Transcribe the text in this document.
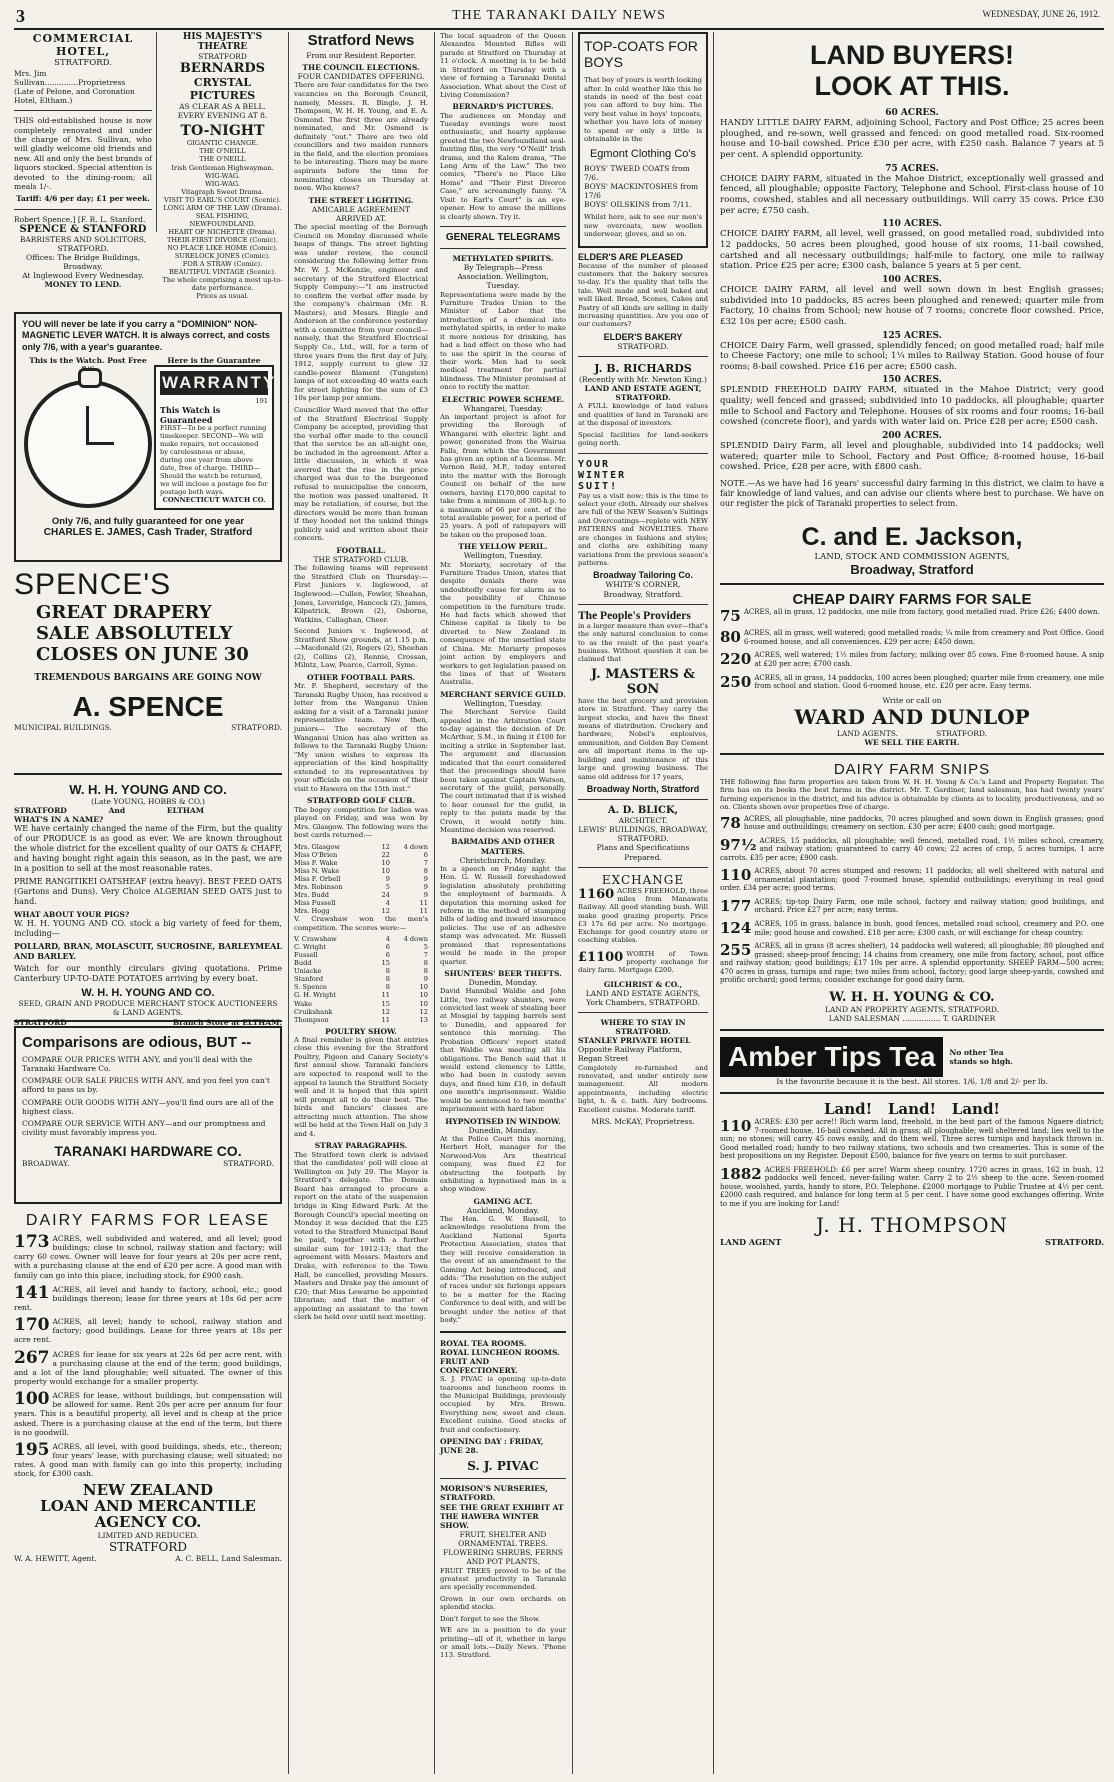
3	THE TARANAKI DAILY NEWS	WEDNESDAY, JUNE 26, 1912.
COMMERCIAL HOTEL,
STRATFORD.
Mrs. Jim Sullivan..............Proprietress
(Late of Pelone, and Coronation Hotel, Eltham.)

THIS old-established house is now completely renovated and under the charge of Mrs. Sullivan, who will gladly welcome old friends and new. All and only the best brands of liquors stocked. Special attention is devoted to the dining-room; all meals 1/-.

Tariff: 4/6 per day; £1 per week.
Robert Spence,] [F. R. L. Stanford.
SPENCE & STANFORD
BARRISTERS AND SOLICITORS, STRATFORD.
Offices: The Bridge Buildings, Broadway.
At Inglewood Every Wednesday.
MONEY TO LEND.
HIS MAJESTY'S THEATRE
STRATFORD
BERNARDS
CRYSTAL PICTURES
AS CLEAR AS A BELL.
EVERY EVENING AT 8.
TO-NIGHT
GIGANTIC CHANGE.
THE O'NEILL
THE O'NEILL
Irish Gentleman Highwayman.
WIG-WAG.
WIG-WAG.
Vitagraph Sweet Drama.
VISIT TO EARL'S COURT (Scenic).
LONG ARM OF THE LAW (Drama).
SEAL FISHING, NEWFOUNDLAND.
HEART OF NICHETTE (Drama).
THEIR FIRST DIVORCE (Comic).
NO PLACE LIKE HOME (Comic).
SURELOCK JONES (Comic).
FOR A STRAW (Comic).
BEAUTIFUL VINTAGE (Scenic).
The whole comprising a most up-to-date performance.
Prices as usual.
YOU will never be late if you carry a "DOMINION" NON-MAGNETIC LEVER WATCH. It is always correct, and costs only 7/6, with a year's guarantee.
This is the Watch. Post Free	Here is the Guarantee
WARRANTY
191
This Watch is Guaranteed
FIRST—To be a perfect running timekeeper. SECOND—We will make repairs, not occasioned by carelessness or abuse, during one year from above date, free of charge. THIRD—Should the watch be returned, we will inclose a postage fee for postage both ways.
CONNECTICUT WATCH CO.
Only 7/6, and fully guaranteed for one year
CHARLES E. JAMES, Cash Trader, Stratford
SPENCE'S
GREAT DRAPERY
SALE ABSOLUTELY
CLOSES ON JUNE 30
TREMENDOUS BARGAINS ARE GOING NOW
A. SPENCE
MUNICIPAL BUILDINGS.	STRATFORD.
W. H. H. YOUNG AND CO.
(Late YOUNG, HOBBS & CO.)
STRATFORD                And                ELTHAM
WHAT'S IN A NAME?

WE have certainly changed the name of the Firm, but the quality of our PRODUCE is as good as ever. We are known throughout the whole district for the excellent quality of our OATS & CHAFF, and having bought right again this season, as in the past, we are in a position to sell at the most reasonable rates.

PRIME RANGITIKEI OATSHEAF (extra heavy). BEST FEED OATS (Gartons and Duns). Very Choice ALGERIAN SEED OATS just to hand.

WHAT ABOUT YOUR PIGS?

W. H. H. YOUNG AND CO. stock a big variety of feed for them, including—

POLLARD, BRAN, MOLASCUIT, SUCROSINE, BARLEYMEAL AND BARLEY.

Watch for our monthly circulars giving quotations. Prime Canterbury UP-TO-DATE POTATOES arriving by every boat.

W. H. H. YOUNG AND CO.
SEED, GRAIN AND PRODUCE MERCHANT STOCK AUCTIONEERS & LAND AGENTS.
STRATFORD	Branch Store at ELTHAM.
Comparisons are odious, BUT --
COMPARE OUR PRICES WITH ANY, and you'll deal with the Taranaki Hardware Co.
COMPARE OUR SALE PRICES WITH ANY, and you feel you can't afford to pass us by.
COMPARE OUR GOODS WITH ANY—you'll find ours are all of the highest class.
COMPARE OUR SERVICE WITH ANY—and our promptness and civility must favorably impress you.
TARANAKI HARDWARE CO.
BROADWAY.	STRATFORD.
DAIRY FARMS FOR LEASE
173 ACRES, well subdivided and watered, and all level; good buildings; close to school, railway station and factory; will carry 60 cows. Owner will leave for four years at 20s per acre rent, with a purchasing clause at the end of £20 per acre. A good man with family can go into this place, including stock, for £900 cash.
141 ACRES, all level and handy to factory, school, etc.; good buildings thereon; lease for three years at 18s 6d per acre rent.
170 ACRES, all level; handy to school, railway station and factory; good buildings. Lease for three years at 18s per acre rent.
267 ACRES for lease for six years at 22s 6d per acre rent, with a purchasing clause at the end of the term; good buildings, and a lot of the land ploughable; well situated. The owner of this property would exchange for a smaller property.
100 ACRES for lease, without buildings, but compensation will be allowed for same. Rent 20s per acre per annum for four years. This is a beautiful property, all level and is cheap at the price asked. There is a purchasing clause at the end of the term, but there is no goodwill.
195 ACRES, all level, with good buildings, sheds, etc., thereon; four years' lease, with purchasing clause; well situated; no rates. A good man with family can go into this property, including stock, for £300 cash.
NEW ZEALAND
LOAN AND MERCANTILE
AGENCY CO.
LIMITED AND REDUCED.
STRATFORD
W. A. HEWITT, Agent.	A. C. BELL, Land Salesman.
Stratford News
From our Resident Reporter.
THE COUNCIL ELECTIONS.
FOUR CANDIDATES OFFERING.

There are four candidates for the two vacancies on the Borough Council, namely, Messrs. R. Bingle, J. H. Thompson, W. H. H. Young, and E. A. Osmond. The first three are already nominated, and Mr. Osmond is definitely "out." There are two old councillors and two maiden runners in the field, and the election promises to be interesting. There may be more aspirants before the time for nominating closes on Thursday at noon. Who knows?

THE STREET LIGHTING.
AMICABLE AGREEMENT ARRIVED AT.

The special meeting of the Borough Council on Monday discussed whole heaps of things. The street lighting was under review, the council considering the following letter from Mr. W. J. McKenzie, engineer and secretary of the Stratford Electrical Supply Company:—"I am instructed to confirm the verbal offer made by the company's chairman (Mr. R. Masters), and Messrs. Bingle and Anderson at the conference yesterday with a committee from your council—namely, that the Stratford Electrical Supply Co., Ltd., will, for a term of three years from the first day of July, 1912, supply current to glow 32 candle-power filament (Tungsten) lamps of not exceeding 40 watts each for street lighting for the sum of £3 10s per lamp per annum.

Councillor Ward moved that the offer of the Stratford Electrical Supply Company be accepted, providing that the verbal offer made to the council that the service be an all-night one, be included in the agreement. After a little discussion, in which it was averred that the rise in the price charged was due to the burgeoned refusal to municipalise the concern, the motion was passed unaltered. It may be retaliation, of course, but the directors would be more than human if they hooded not the unkind things publicly said and written about their concern.

FOOTBALL.
THE STRATFORD CLUB.

The following teams will represent the Stratford Club on Thursday:— First Juniors v. Inglewood, at Inglewood:—Cullen, Fowler, Sheahan, Jones, Loveridge, Hancock (2), James, Kilpatrick, Brown (2), Osborne, Watkins, Callaghan, Cheer.

Second Juniors v. Inglewood, at Stratford Show grounds, at 1.15 p.m.—Macdonald (2), Rogers (2), Sheehan (2), Collins (2), Rennie, Crossan, Milntz, Law, Pearce, Carroll, Syme.

OTHER FOOTBALL PARS.

Mr. F. Shepherd, secretary of the Taranaki Rugby Union, has received a letter from the Wanganui Union asking for a visit of a Taranaki junior representative team. Now then, juniors— The secretary of the Wanganui Union has also written as follows to the Taranaki Rugby Union: "My union wishes to express its appreciation of the kind hospitality extended to its representatives by your officials on the occasion of their visit to Hawera on the 15th inst."

STRATFORD GOLF CLUB.

The bogey competition for ladies was played on Friday, and was won by Mrs. Glasgow. The following were the best cards returned:—

Mrs. Glasgow	12	4 down
Miss O'Brien	22	6
Miss F. Wake	10	7
Miss N. Wake	10	8
Miss F. Orbell	9	9
Mrs. Robinson	5	9
Mrs. Budd	24	9
Miss Fussell	4	11
Mrs. Hogg	12	11

V. Crawshaw won the men's competition. The scores were:—

V. Crawshaw	4	4 down
C. Wright	6	5
Fussell	6	7
Budd	15	8
Uniacke	8	8
Stanford	8	9
S. Spence	8	10
G. H. Wright	11	10
Wake	15	10
Cruikshank	12	12
Thompson	11	13
POULTRY SHOW.

A final reminder is given that entries close this evening for the Stratford Poultry, Pigeon and Canary Society's first annual show. Taranaki fanciers are expected to respond well to the appeal to launch the Stratford Society well and it is hoped that this spirit will prompt all to do their best. The birds and fanciers' classes are attracting much attention. The show will be held at the Town Hall on July 3 and 4.

STRAY PARAGRAPHS.

The Stratford town clerk is advised that the candidates' poll will close at Wellington on July 29. The Mayor is Stratford's delegate. The Domain Board has arranged to procure a report on the state of the suspension bridge in King Edward Park. At the Borough Council's special meeting on Monday it was decided that the £25 voted to the Stratford Municipal Band be paid, together with a further similar sum for 1912-13; that the agreement with Messrs. Masters and Drake, with reference to the Town Hall, be cancelled, providing Messrs. Masters and Drake pay the amount of £20; that Miss Lewarne be appointed librarian; and that the matter of appointing an assistant to the town clerk be held over until next meeting.

The local squadron of the Queen Alexandra Mounted Rifles will parade at Stratford on Thursday at 11 o'clock. A meeting is to be held in Stratford on Thursday with a view of forming a Taranaki Dental Association. What about the Cost of Living Commission?

BERNARD'S PICTURES.

The audiences on Monday and Tuesday evenings were most enthusiastic, and hearty applause greeted the two Newfoundland seal-hunting film, the very "O'Neill" Irish drama, and the Kalem drama, "The Long Arm of the Law." The two comics, "There's no Place Like Home" and "Their First Divorce Case," are screamingly funny. "A Visit to Earl's Court" is an eye-opener. How to amuse the millions is clearly shown. Try it.

GENERAL TELEGRAMS
METHYLATED SPIRITS.
By Telegraph—Press Association. Wellington, Tuesday.

Representations were made by the Furniture Trades Union to the Minister of Labor that the introduction of a chemical into methylated spirits, in order to make it more noxious for drinking, has had a bad effect on those who had to use the spirit in the course of their work. Men had to seek medical treatment for partial blindness. The Minister promised at once to rectify the matter.

ELECTRIC POWER SCHEME.
Whangarei, Tuesday.

An important project is afoot for providing the Borough of Whangarei with electric light and power, generated from the Wairua Falls, from which the Government has given an option of a license. Mr. Vernon Reid, M.P., today entered into the matter with the Borough Council on behalf of the new owners, having £170,000 capital to take from a minimum of 300-h.p. to a maximum of 66 per cent. of the total available power, for a period of 25 years. A poll of ratepayers will be taken on the proposed loan.

THE YELLOW PERIL.
Wellington, Tuesday.

Mr. Moriarty, secretary of the Furniture Trades Union, states that despite denials there was undoubtedly cause for alarm as to the possibility of Chinese competition in the furniture trade. He had facts which showed that Chinese capital is likely to be diverted to New Zealand in consequence of the unsettled state of China. Mr. Moriarty proposes joint action by employers and workers to get legislation passed on the lines of that of Western Australia.

MERCHANT SERVICE GUILD.
Wellington, Tuesday.

The Merchant Service Guild appealed in the Arbitration Court to-day against the decision of Dr. McArthur, S.M., in fining it £100 for inciting a strike in September last. The argument and discussion indicated that the court considered that the proceedings should have been taken against Captain Watson, secretary of the guild, personally. The court intimated that if is wished to hear counsel for the guild, in reply to the points made by the Crown, it would notify him. Meantime decision was reserved.

BARMAIDS AND OTHER MATTERS.
Christchurch, Monday.

In a speech on Friday night the Hon. G. W. Russell foreshadowed legislation absolutely prohibiting the employment of barmaids. A deputation this morning asked for reform in the method of stamping bills of lading and inward insurance policies. The use of an adhesive stamp was advocated. Mr. Russell promised that representations would be made in the proper quarter.

SHUNTERS' BEER THEFTS.
Dunedin, Monday.

David Hannibal Waldie and John Little, two railway shunters, were convicted last week of stealing beer at Mosgiel by tapping barrels sent to Dunedin, and appeared for sentence this morning. The Probation Officers' report stated that Waldie was meeting all his obligations. The Bench said that it would extend clemency to Little, who had been in custody seven days, and fined him £10, in default one month's imprisonment. Waldie would be sentenced to two months' imprisonment with hard labor.

HYPNOTISED IN WINDOW.
Dunedin, Monday.

At the Police Court this morning, Herbert Holt, manager for the Norwood-Von Arx theatrical company, was fined £2 for obstructing the footpath by exhibiting a hypnotised man in a shop window.

GAMING ACT.
Auckland, Monday.

The Hon. G. W. Russell, to acknowledge resolutions from the Auckland National Sports Protection Association, states that they will receive consideration in the event of an amendment to the Gaming Act being introduced, and adds: "The resolution on the subject of races under six furlongs appears to be a matter for the Racing Conference to deal with, and will be brought under the notice of that body."

ROYAL TEA ROOMS.
ROYAL LUNCHEON ROOMS.
FRUIT AND CONFECTIONERY.

S. J. PIVAC is opening up-to-date tearooms and luncheon rooms in the Municipal Buildings, previously occupied by Mrs. Brown. Everything new, sweet and clean. Excellent cuisine. Good stocks of fruit and confectionery.

OPENING DAY : FRIDAY, JUNE 28.
S. J. PIVAC
MORISON'S NURSERIES, STRATFORD.
SEE THE GREAT EXHIBIT AT THE HAWERA WINTER SHOW.
FRUIT, SHELTER AND ORNAMENTAL TREES.
FLOWERING SHRUBS, FERNS AND POT PLANTS.

FRUIT TREES proved to be of the greatest productivity in Taranaki are specially recommended.

Grown in our own orchards on splendid stocks.

Don't forget to see the Show.

WE are in a position to do your printing—all of it, whether in large or small lots.—Daily News. 'Phone 113. Stratford.

TOP-COATS FOR BOYS

That boy of yours is worth looking after. In cold weather like this he stands in need of the best coat you can afford to buy him. The very best value in boys' topcoats, whether you have lots of money to spend or only a little is obtainable in the

Egmont Clothing Co's
BOYS' TWEED COATS from 7/6.
BOYS' MACKINTOSHES from 17/6
BOYS' OILSKINS from 7/11.

Whilst here, ask to see our men's new overcoats, new woollen underwear, gloves, and so on.

ELDER'S ARE PLEASED

Because of the number of pleased customers that the bakery secures to-day. It's the quality that tells the tale. Well made and well baked and well liked. Bread, Scones, Cakes and Pastry of all kinds are selling in daily increasing quantities. Are you one of our customers?

ELDER'S BAKERY
STRATFORD.
J. B. RICHARDS
(Recently with Mr. Newton King.)
LAND AND ESTATE AGENT, STRATFORD.

A FULL knowledge of land values and qualities of land in Taranaki are at the disposal of investors.

Special facilities for land-seekers going north.

YOUR
WINTER
SUIT!

Pay us a visit now; this is the time to select your cloth. Already our shelves are full of the NEW Season's Suitings and Overcoatings—replete with NEW PATTERNS and NOVELTIES. There are changes in fashions and styles; and cloths are exhibiting many variations from the previous season's patterns.

Broadway Tailoring Co.
WHITE'S CORNER,
Broadway, Stratford.
The People's Providers

in a larger measure than ever—that's the only natural conclusion to come to as the result of the past year's business. Without question it can be claimed that

J. MASTERS & SON

have the best grocery and provision store in Stratford. They carry the largest stocks, and have the finest means of distribution. Crockery and hardware, Nobel's explosives, ammunition, and Golden Bay Cement are all important items in the up-building and maintenance of this large and growing business. The same old address for 17 years,

Broadway North, Stratford
A. D. BLICK,
ARCHITECT.
LEWIS' BUILDINGS, BROADWAY, STRATFORD.
Plans and Specifications Prepared.
EXCHANGE
1160 ACRES FREEHOLD, three miles from Manawatu Railway. All good standing bush. Will make good grazing property. Price £3 17s 6d per acre. No mortgage. Exchange for good country store or coaching stables.
£1100 WORTH of Town property exchange for dairy farm. Mortgage £200.
GILCHRIST & CO.,
LAND AND ESTATE AGENTS, York Chambers, STRATFORD.
WHERE TO STAY IN STRATFORD.
STANLEY PRIVATE HOTEL
Opposite Railway Platform, Regan Street

Completely re-furnished and renovated, and under entirely new management. All modern appointments, including electric light, h. & c. bath. Airy bedrooms. Excellent cuisine. Moderate tariff.

MRS. McKAY, Proprietress.
LAND BUYERS!
LOOK AT THIS.
60 ACRES.

HANDY LITTLE DAIRY FARM, adjoining School, Factory and Post Office; 25 acres been ploughed, and re-sown, well grassed and fenced: on good metalled road. Six-roomed house and 10-bail cowshed. Price £30 per acre, with £250 cash. Balance 7 years at 5 per cent. A splendid opportunity.

75 ACRES.

CHOICE DAIRY FARM, situated in the Mahoe District, exceptionally well grassed and fenced, all ploughable; opposite Factory, Telephone and School. First-class house of 10 rooms, cowshed, stables and all necessary outbuildings. Will carry 35 cows. Price £30 per acre; £750 cash.

110 ACRES.

CHOICE DAIRY FARM, all level, well grassed, on good metalled road, subdivided into 12 paddocks, 50 acres been ploughed, good house of six rooms, 11-bail cowshed, cartshed and all necessary outbuildings; half-mile to factory, one mile to railway station. Price £25 per acre; £300 cash, balance 5 years at 5 per cent.

100 ACRES.

CHOICE DAIRY FARM, all level and well sown down in best English grasses; subdivided into 10 paddocks, 85 acres been ploughed and renewed; quarter mile from Factory, 10 chains from School; new house of 7 rooms; concrete floor cowshed. Price, £32 10s per acre; £500 cash.

125 ACRES.

CHOICE Dairy Farm, well grassed, splendidly fenced; on good metalled road; half mile to Cheese Factory; one mile to school; 1¼ miles to Railway Station. Good house of four rooms; 8-bail cowshed. Price £16 per acre; £500 cash.

150 ACRES.

SPLENDID FREEHOLD DAIRY FARM, situated in the Mahoe District; very good quality; well fenced and grassed; subdivided into 10 paddocks, all ploughable; quarter mile to School and Factory and Telephone. Houses of six rooms and four rooms; 16-bail cowshed (concrete floor), and yards with water laid on. Price £28 per acre; £500 cash.

200 ACRES.

SPLENDID Dairy Farm, all level and ploughable, subdivided into 14 paddocks; well watered; quarter mile to School, Factory and Post Office; 8-roomed house, 16-bail cowshed. Price, £28 per acre, with £800 cash.

NOTE.—As we have had 16 years' successful dairy farming in this district, we claim to have a fair knowledge of land values, and can advise our clients where best to purchase. We have on our register the pick of Taranaki properties to select from.

C. and E. Jackson,
LAND, STOCK AND COMMISSION AGENTS,
Broadway, Stratford
CHEAP DAIRY FARMS FOR SALE
75 ACRES, all in grass, 12 paddocks, one mile from factory, good metalled road. Price £26; £400 down.
80 ACRES, all in grass, well watered; good metalled roads; ¼ mile from creamery and Post Office. Good 6-roomed house, and all conveniences. £29 per acre; £450 down.
220 ACRES, well watered; 1½ miles from factory; milking over 85 cows. Fine 8-roomed house. A snip at £20 per acre; £700 cash.
250 ACRES, all in grass, 14 paddocks, 100 acres been ploughed; quarter mile from creamery, one mile from school and station. Good 6-roomed house, etc. £20 per acre. Easy terms.
Write or call on
WARD AND DUNLOP
LAND AGENTS.                STRATFORD.
WE SELL THE EARTH.
DAIRY FARM SNIPS

THE following fine farm properties are taken from W. H. H. Young & Co.'s Land and Property Register. The firm has on its books the best farms in the district. Mr. T. Gardiner, land salesman, has had twenty years' farming experience in the district, and his advice is obtainable by clients as to locality, productiveness, and so on. Clients shown over properties free of charge.

78 ACRES, all ploughable, nine paddocks, 70 acres ploughed and sown down in English grasses; good house and outbuildings; creamery on section. £30 per acre; £400 cash; good mortgage.
97½ ACRES, 15 paddocks, all ploughable; well fenced, metalled road, 1½ miles school, creamery, and railway station; guaranteed to carry 40 cows; 22 acres of crop, 5 acres turnips, 1 acre carrots. £35 per acre; £900 cash.
110 ACRES, about 70 acres stumped and resown; 11 paddocks; all well sheltered with natural and ornamental plantation; good 7-roomed house, splendid outbuildings; everything in real good order. £34 per acre; good terms.
177 ACRES; tip-top Dairy Farm, one mile school, factory and railway station; good buildings, and orchard. Price £27 per acre; easy terms.
124 ACRES, 105 in grass, balance in bush, good fences, metalled road school, creamery and P.O. one mile; good house and cowshed. £18 per acre; £300 cash, or will exchange for cheap country.
255 ACRES, all in grass (8 acres shelter), 14 paddocks well watered; all ploughable; 80 ploughed and grassed; sheep-proof fencing; 14 chains from creamery, one mile from factory, school, post office and railway station; good buildings; £17 10s per acre. A splendid opportunity. SHEEP FARM—500 acres; 470 acres in grass, turnips and rape; two miles from school, factory; good large sheep-yards, cowshed and prolific orchard; good terms; consider exchange for good dairy farm.
W. H. H. YOUNG & CO.
LAND AN PROPERTY AGENTS, STRATFORD.
LAND SALESMAN ................ T. GARDINER
Amber Tips Tea	No other Tea stands so high.
Is the favourite because it is the best. All stores. 1/6, 1/8 and 2/- per lb.
Land!   Land!   Land!
110 ACRES: £30 per acre!! Rich warm land, freehold, in the best part of the famous Ngaere district; 7-roomed house, 16-bail cowshed. All in grass; all ploughable; well sheltered land; lies well to the sun; no stones; will carry 45 cows easily, and do them well. Three acres turnips and haystack thrown in. Good metalled road; handy to two railway stations, two schools and two creameries. This is some of the best propositions on my Register. Deposit £500, balance for five years on terms to suit purchaser.
1882 ACRES FREEHOLD: £6 per acre! Warm sheep country. 1720 acres in grass, 162 in bush, 12 paddocks well fenced, never-failing water. Carry 2 to 2½ sheep to the acre. Seven-roomed house, woolshed, yards, handy to store, P.O. Telephone. £2000 mortgage to Public Trustee at 4½ per cent. £2000 cash required, and balance for long term at 5 per cent. I have some good exchanges offering. Write to me if you are looking for Land!
J. H. THOMPSON
LAND AGENT	STRATFORD.
